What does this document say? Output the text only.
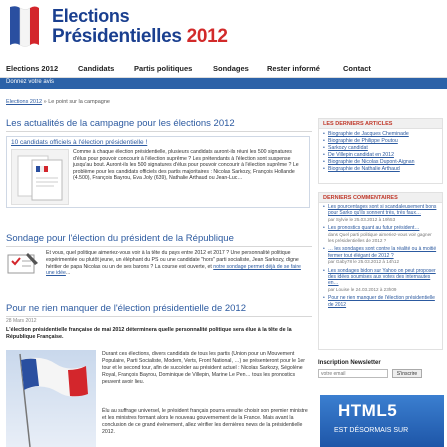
Elections
Présidentielles 2012
Elections 2012	Candidats	Partis politiques	Sondages Rester informé	Contact
Donnez votre avis
Elections 2012 » Le point sur la campagne
Les actualités de la campagne pour les élections 2012
10 candidats officiels à l'élection présidentielle !
Comme à chaque élection présidentielle, plusieurs candidats auront-ils réuni les 500 signatures d'élus pour pouvoir concourir à l'élection suprême ? Les prétendants à l'élection sont suspense jusqu'au bout. Auront-ils les 500 signatures d'élus pour pouvoir concourir à l'élection suprême ? Le problème pour les candidats officiels des partis majoritaires : Nicolas Sarkozy, François Hollande (4.500), François Bayrou, Eva Joly (639), Nathalie Arthaud ou Jean-Luc…
Sondage pour l'élection du président de la République
Et vous, quel politique aimeriez-vous voir à la tête du pays entre 2012 et 2017 ? Une personnalité politique expérimentée ou plutôt jeune, un éléphant du PS ou une candidate "hors" parti socialiste, Jean Sarkozy, digne héritier de papa Nicolas ou un de ses barons ? La course est ouverte, et notre sondage permet déjà de se faire une idée...
Pour ne rien manquer de l'élection présidentielle de 2012
28 Mars 2012
L'élection présidentielle française de mai 2012 déterminera quelle personnalité politique sera élue à la tête de la République Française.
Durant ces élections, divers candidats de tous les partis (Union pour un Mouvement Populaire, Parti Socialiste, Modem, Verts, Front National, …) se présenteront pour le 1er tour et le second tour, afin de succéder au président actuel : Nicolas Sarkozy, Ségolène Royal, François Bayrou, Dominique de Villepin, Marine Le Pen… tous les pronostics peuvent avoir lieu.
Élu au suffrage universel, le président français pourra ensuite choisir son premier ministre et les ministres formant alors le nouveau gouvernement de la France. Mais avant la conclusion de ce grand évènement, allez vérifier les dernières news de la présidentielle 2012.
LES DERNIERS ARTICLES
• Biographie de Jacques Cheminade
• Biographie de Philippe Poutou
• Sarkozy candidat
• De Villepin candidat en 2012
• Biographie de Nicolas Dupont-Aignan
• Biographie de Nathalie Arthaud
DERNIERS COMMENTAIRES
• Les pourcentages sont si scandaleusement bons pour Sarko qu'ils sonnent très, très faux…
par Sylvie le 25.03.2012 à 19h53
• Les pronostics quant au futur président…
dans Quel parti politique aimeriez-vous voir gagner les présidentielles de 2012 ?
• … les sondages sont contre la réalité ou à moitié fermer tout élégant de 2012 ?
par Gaby78 le 25.03.2012 à 14h12
• Les sondages bidon sur Yahoo on peut proposer des idées soumises aux votes des internautes en…
par Louise le 24.03.2012 à 23h09
• Pour ne rien manquer de l'élection présidentielle de 2012
Inscription Newsletter
votre email
S'inscrire
HTML5
EST DÉSORMAIS SUR
